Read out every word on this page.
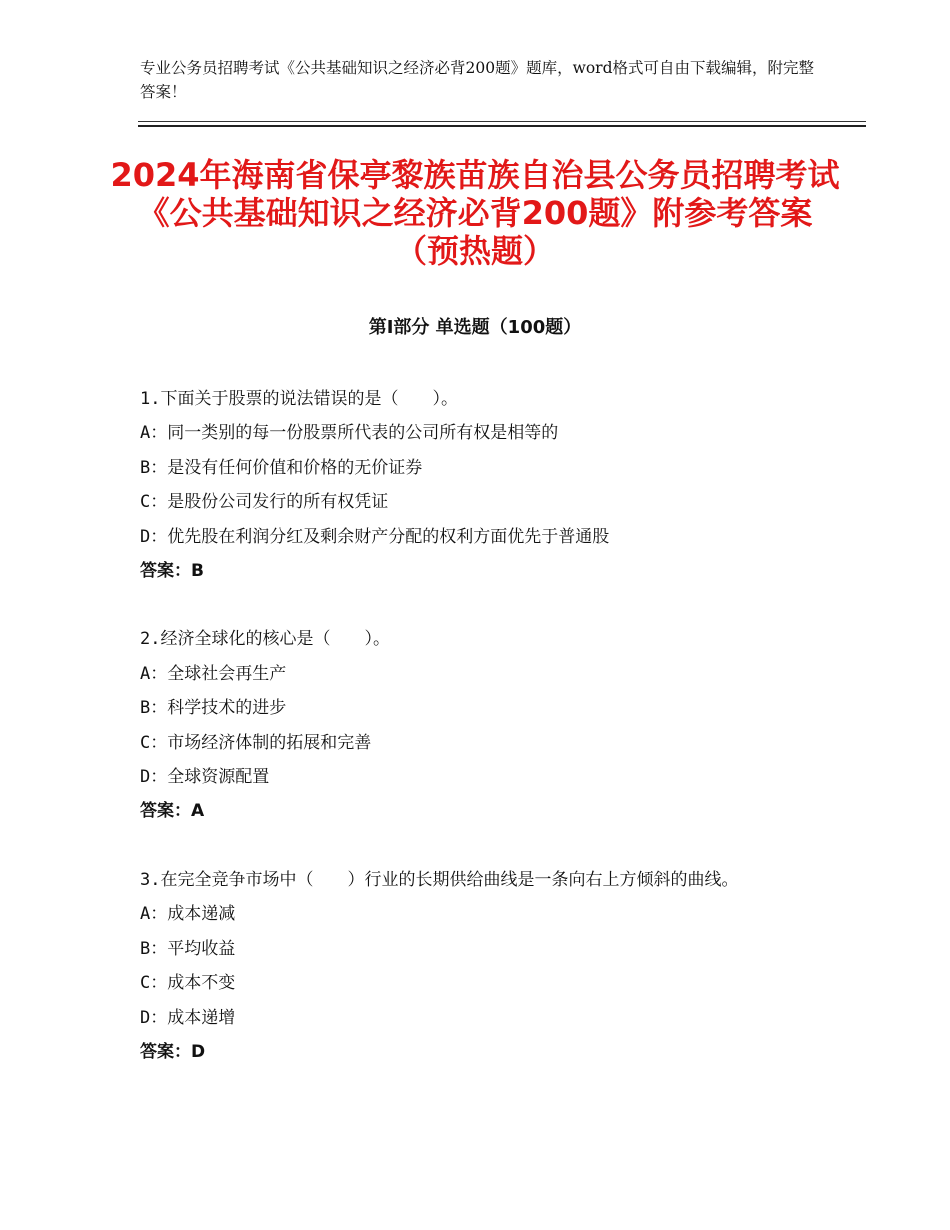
专业公务员招聘考试《公共基础知识之经济必背200题》题库，word格式可自由下载编辑，附完整答案！
2024年海南省保亭黎族苗族自治县公务员招聘考试《公共基础知识之经济必背200题》附参考答案（预热题）
第Ⅰ部分 单选题（100题）
1.下面关于股票的说法错误的是（　　）。
A：同一类别的每一份股票所代表的公司所有权是相等的
B：是没有任何价值和价格的无价证券
C：是股份公司发行的所有权凭证
D：优先股在利润分红及剩余财产分配的权利方面优先于普通股
答案：B
2.经济全球化的核心是（　　）。
A：全球社会再生产
B：科学技术的进步
C：市场经济体制的拓展和完善
D：全球资源配置
答案：A
3.在完全竞争市场中（　　）行业的长期供给曲线是一条向右上方倾斜的曲线。
A：成本递减
B：平均收益
C：成本不变
D：成本递增
答案：D
